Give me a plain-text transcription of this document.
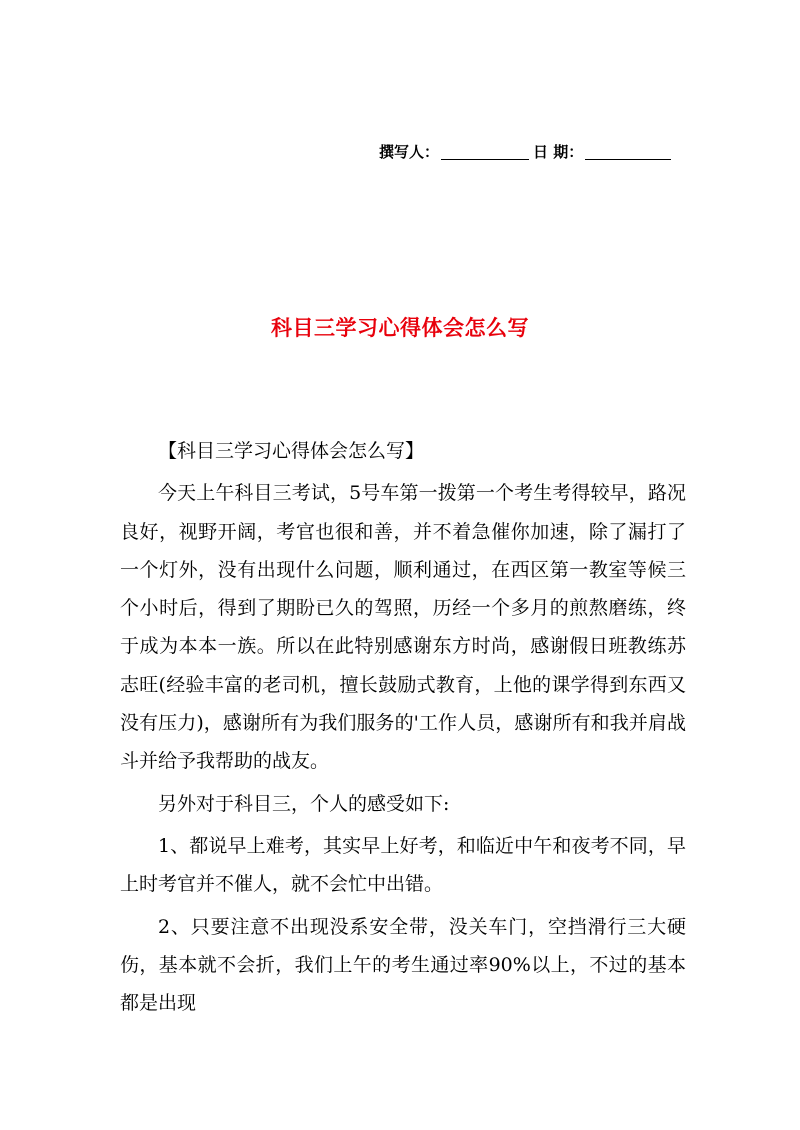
撰写人：	日 期：
科目三学习心得体会怎么写

【科目三学习心得体会怎么写】

今天上午科目三考试，5号车第一拨第一个考生考得较早，路况良好，视野开阔，考官也很和善，并不着急催你加速，除了漏打了一个灯外，没有出现什么问题，顺利通过，在西区第一教室等候三个小时后，得到了期盼已久的驾照，历经一个多月的煎熬磨练，终于成为本本一族。所以在此特别感谢东方时尚，感谢假日班教练苏志旺(经验丰富的老司机，擅长鼓励式教育，上他的课学得到东西又没有压力)，感谢所有为我们服务的'工作人员，感谢所有和我并肩战斗并给予我帮助的战友。

另外对于科目三，个人的感受如下:

1、都说早上难考，其实早上好考，和临近中午和夜考不同，早上时考官并不催人，就不会忙中出错。

2、只要注意不出现没系安全带，没关车门，空挡滑行三大硬伤，基本就不会折，我们上午的考生通过率90%以上，不过的基本都是出现
